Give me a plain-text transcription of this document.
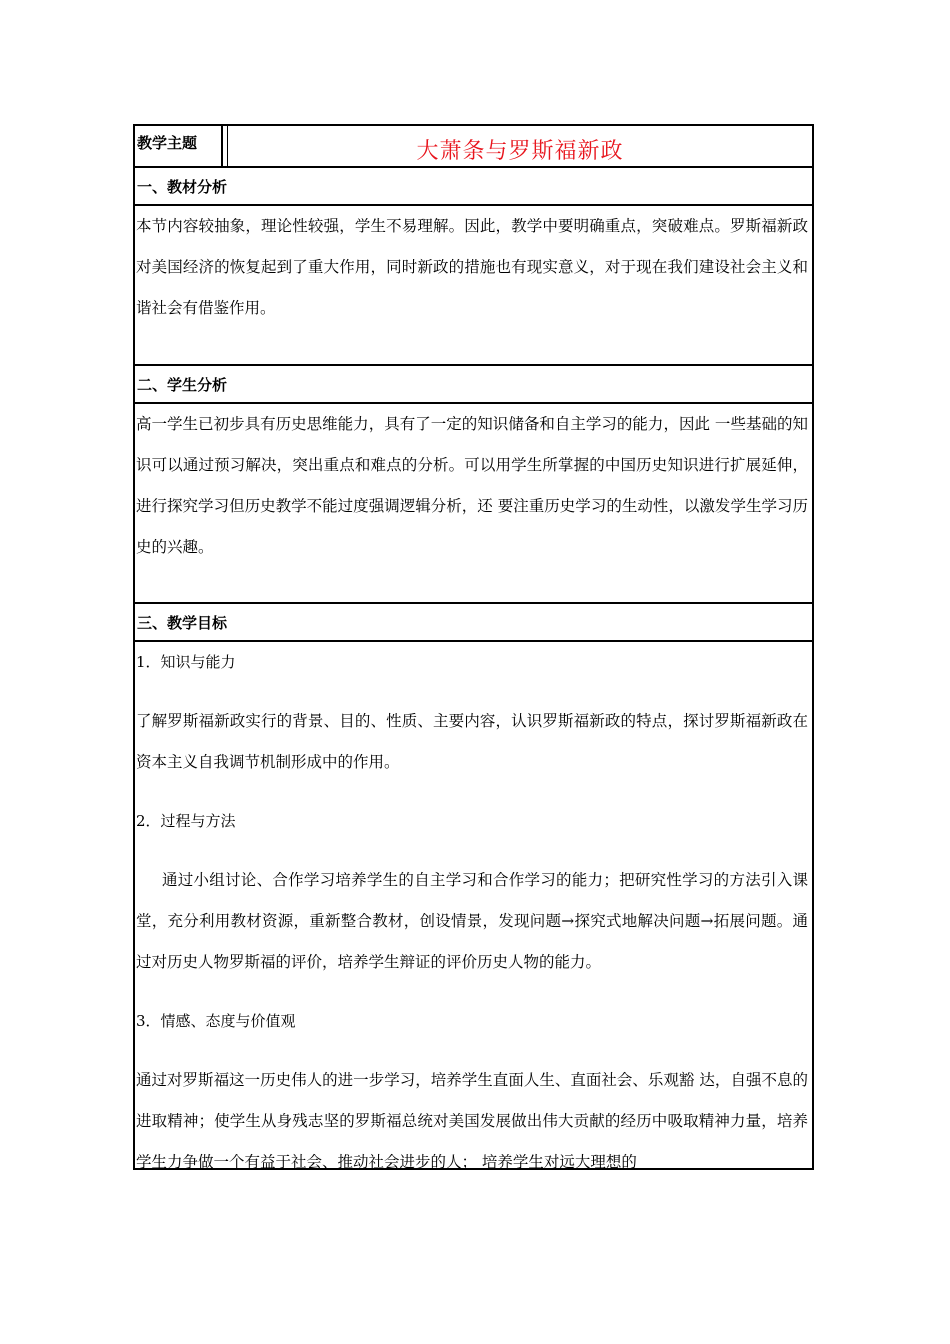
教学主题	大萧条与罗斯福新政
一、教材分析
本节内容较抽象，理论性较强，学生不易理解。因此，教学中要明确重点，突破难点。罗斯福新政对美国经济的恢复起到了重大作用，同时新政的措施也有现实意义，对于现在我们建设社会主义和谐社会有借鉴作用。
二、学生分析
高一学生已初步具有历史思维能力，具有了一定的知识储备和自主学习的能力，因此 一些基础的知识可以通过预习解决，突出重点和难点的分析。可以用学生所掌握的中国历史知识进行扩展延伸，进行探究学习但历史教学不能过度强调逻辑分析，还 要注重历史学习的生动性，以激发学生学习历史的兴趣。
三、教学目标
1．知识与能力
了解罗斯福新政实行的背景、目的、性质、主要内容，认识罗斯福新政的特点，探讨罗斯福新政在资本主义自我调节机制形成中的作用。
2．过程与方法
通过小组讨论、合作学习培养学生的自主学习和合作学习的能力；把研究性学习的方法引入课堂，充分利用教材资源，重新整合教材，创设情景，发现问题→探究式地解决问题→拓展问题。通过对历史人物罗斯福的评价，培养学生辩证的评价历史人物的能力。
3．情感、态度与价值观
通过对罗斯福这一历史伟人的进一步学习，培养学生直面人生、直面社会、乐观豁 达，自强不息的进取精神；使学生从身残志坚的罗斯福总统对美国发展做出伟大贡献的经历中吸取精神力量，培养学生力争做一个有益于社会、推动社会进步的人； 培养学生对远大理想的
